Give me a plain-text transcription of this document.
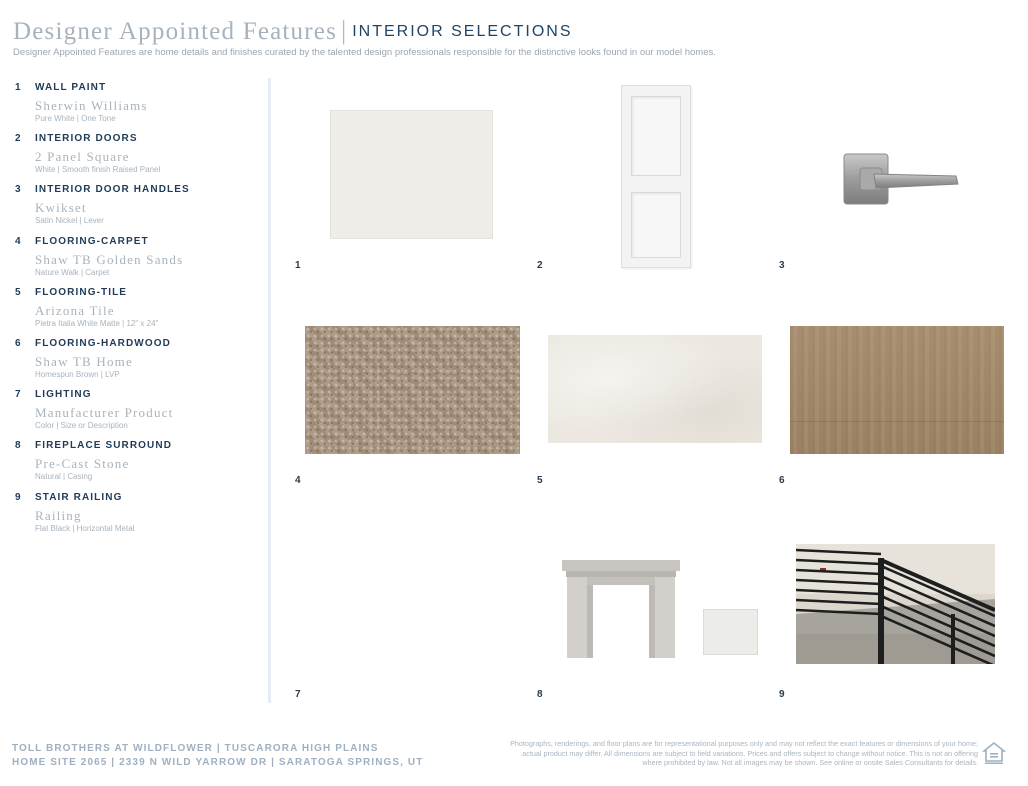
Designer Appointed Features | INTERIOR SELECTIONS
Designer Appointed Features are home details and finishes curated by the talented design professionals responsible for the distinctive looks found in our model homes.
1 WALL PAINT
Sherwin Williams
Pure White | One Tone
2 INTERIOR DOORS
2 Panel Square
White | Smooth finish Raised Panel
3 INTERIOR DOOR HANDLES
Kwikset
Satin Nickel | Lever
4 FLOORING-CARPET
Shaw TB Golden Sands
Nature Walk | Carpet
5 FLOORING-TILE
Arizona Tile
Pietra Italia White Matte | 12" x 24"
6 FLOORING-HARDWOOD
Shaw TB Home
Homespun Brown | LVP
7 LIGHTING
Manufacturer Product
Color | Size or Description
8 FIREPLACE SURROUND
Pre-Cast Stone
Natural | Casing
9 STAIR RAILING
Railing
Flat Black | Horizontal Metal
1	2	3
4	5	6
7	8	9
TOLL BROTHERS AT WILDFLOWER | TUSCARORA HIGH PLAINS
HOME SITE 2065 | 2339 N WILD YARROW DR | SARATOGA SPRINGS, UT
Photographs, renderings, and floor plans are for representational purposes only and may not reflect the exact features or dimensions of your home; actual product may differ. All dimensions are subject to field variations. Prices and offers subject to change without notice. This is not an offering where prohibited by law. Not all images may be shown. See online or onsite Sales Consultants for details.
